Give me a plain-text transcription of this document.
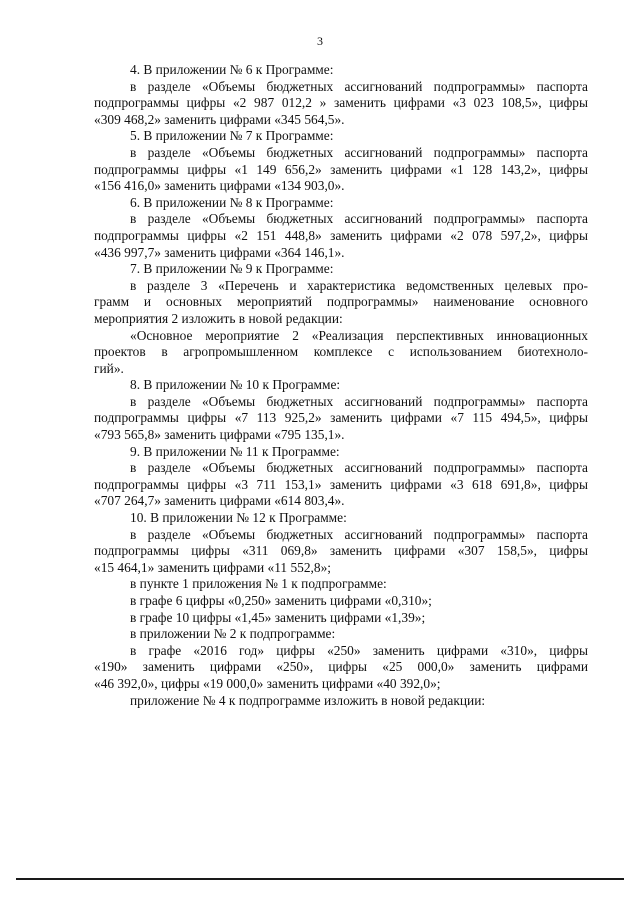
3
4. В приложении № 6 к Программе:
в разделе «Объемы бюджетных ассигнований подпрограммы» паспорта
подпрограммы цифры «2 987 012,2 » заменить цифрами «3 023 108,5», цифры
«309 468,2» заменить цифрами «345 564,5».
5. В приложении № 7 к Программе:
в разделе «Объемы бюджетных ассигнований подпрограммы» паспорта
подпрограммы цифры «1 149 656,2» заменить цифрами «1 128 143,2», цифры
«156 416,0» заменить цифрами «134 903,0».
6. В приложении № 8 к Программе:
в разделе «Объемы бюджетных ассигнований подпрограммы» паспорта
подпрограммы цифры «2 151 448,8» заменить цифрами «2 078 597,2», цифры
«436 997,7» заменить цифрами «364 146,1».
7. В приложении № 9 к Программе:
в разделе 3 «Перечень и характеристика ведомственных целевых про-
грамм и основных мероприятий подпрограммы» наименование основного
мероприятия 2 изложить в новой редакции:
«Основное мероприятие 2 «Реализация перспективных инновационных
проектов в агропромышленном комплексе с использованием биотехноло-
гий».
8. В приложении № 10 к Программе:
в разделе «Объемы бюджетных ассигнований подпрограммы» паспорта
подпрограммы цифры «7 113 925,2» заменить цифрами «7 115 494,5», цифры
«793 565,8» заменить цифрами «795 135,1».
9. В приложении № 11 к Программе:
в разделе «Объемы бюджетных ассигнований подпрограммы» паспорта
подпрограммы цифры «3 711 153,1» заменить цифрами «3 618 691,8», цифры
«707 264,7» заменить цифрами «614 803,4».
10. В приложении № 12 к Программе:
в разделе «Объемы бюджетных ассигнований подпрограммы» паспорта
подпрограммы цифры «311 069,8» заменить цифрами «307 158,5», цифры
«15 464,1» заменить цифрами «11 552,8»;
в пункте 1 приложения № 1 к подпрограмме:
в графе 6 цифры «0,250» заменить цифрами «0,310»;
в графе 10 цифры «1,45» заменить цифрами «1,39»;
в приложении № 2 к подпрограмме:
в графе «2016 год» цифры «250» заменить цифрами «310», цифры
«190» заменить цифрами «250», цифры «25 000,0» заменить цифрами
«46 392,0», цифры «19 000,0» заменить цифрами «40 392,0»;
приложение № 4 к подпрограмме изложить в новой редакции:
